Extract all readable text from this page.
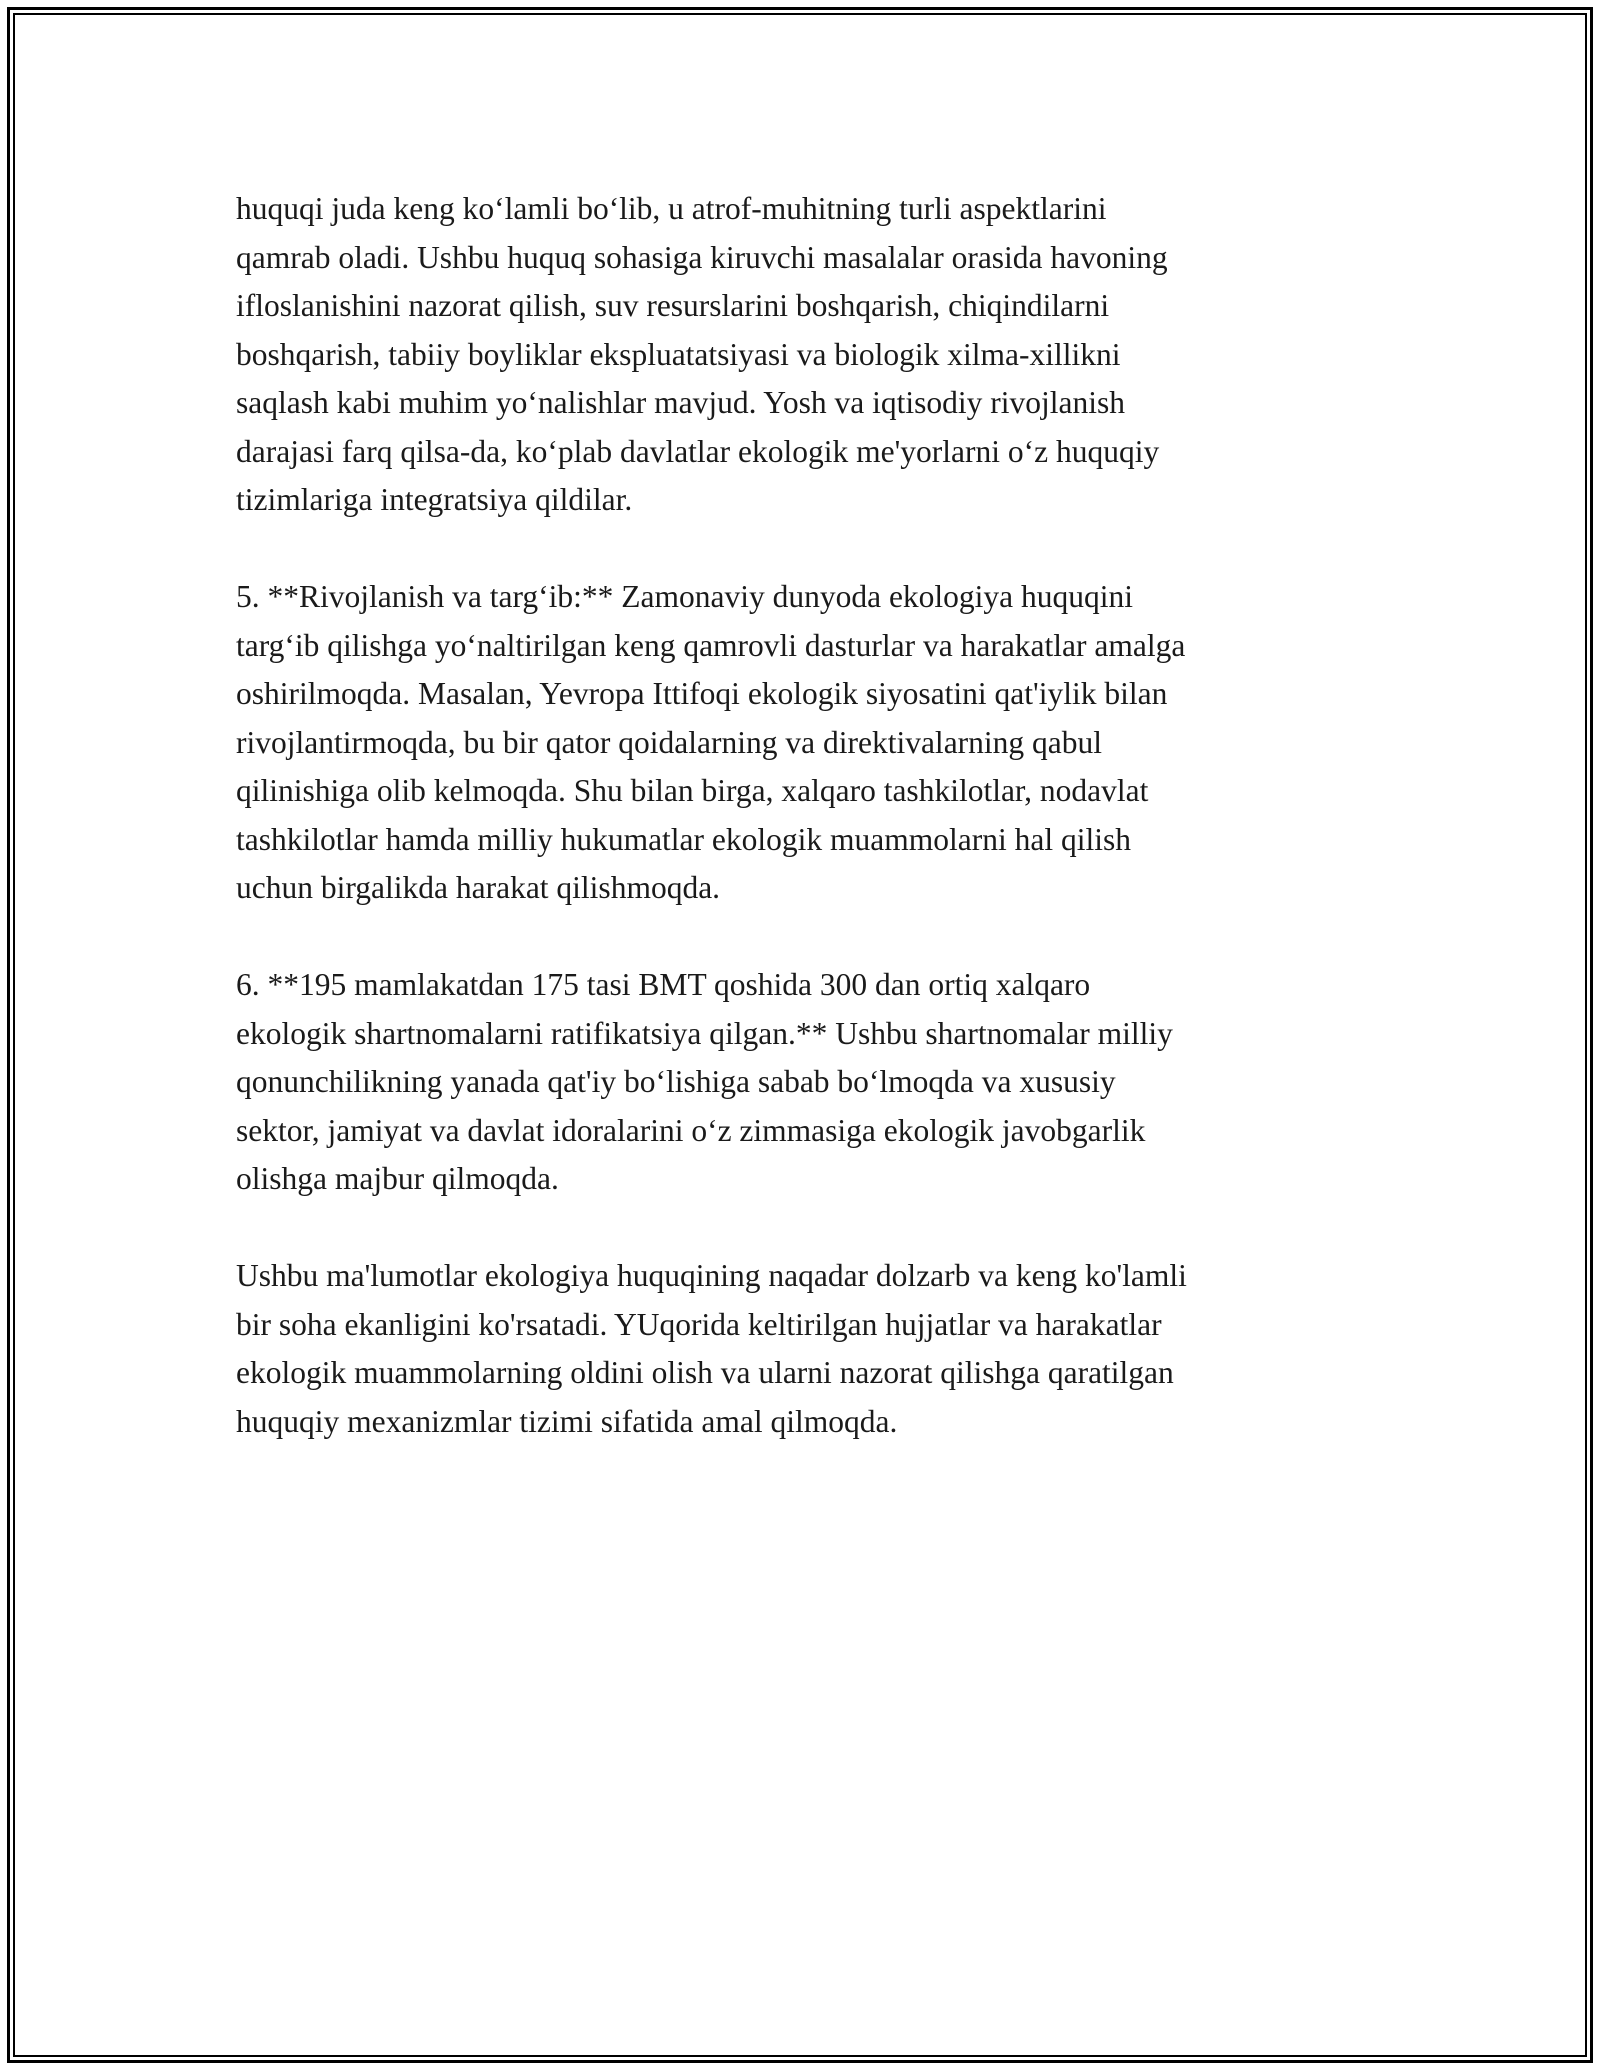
huquqi juda keng ko‘lamli bo‘lib, u atrof-muhitning turli aspektlarini
qamrab oladi. Ushbu huquq sohasiga kiruvchi masalalar orasida havoning
ifloslanishini nazorat qilish, suv resurslarini boshqarish, chiqindilarni
boshqarish, tabiiy boyliklar ekspluatatsiyasi va biologik xilma-xillikni
saqlash kabi muhim yo‘nalishlar mavjud. Yosh va iqtisodiy rivojlanish
darajasi farq qilsa-da, ko‘plab davlatlar ekologik me'yorlarni o‘z huquqiy
tizimlariga integratsiya qildilar.

5. **Rivojlanish va targ‘ib:** Zamonaviy dunyoda ekologiya huquqini
targ‘ib qilishga yo‘naltirilgan keng qamrovli dasturlar va harakatlar amalga
oshirilmoqda. Masalan, Yevropa Ittifoqi ekologik siyosatini qat'iylik bilan
rivojlantirmoqda, bu bir qator qoidalarning va direktivalarning qabul
qilinishiga olib kelmoqda. Shu bilan birga, xalqaro tashkilotlar, nodavlat
tashkilotlar hamda milliy hukumatlar ekologik muammolarni hal qilish
uchun birgalikda harakat qilishmoqda.

6. **195 mamlakatdan 175 tasi BMT qoshida 300 dan ortiq xalqaro
ekologik shartnomalarni ratifikatsiya qilgan.** Ushbu shartnomalar milliy
qonunchilikning yanada qat'iy bo‘lishiga sabab bo‘lmoqda va xususiy
sektor, jamiyat va davlat idoralarini o‘z zimmasiga ekologik javobgarlik
olishga majbur qilmoqda.

Ushbu ma'lumotlar ekologiya huquqining naqadar dolzarb va keng ko'lamli
bir soha ekanligini ko'rsatadi. YUqorida keltirilgan hujjatlar va harakatlar
ekologik muammolarning oldini olish va ularni nazorat qilishga qaratilgan
huquqiy mexanizmlar tizimi sifatida amal qilmoqda.
